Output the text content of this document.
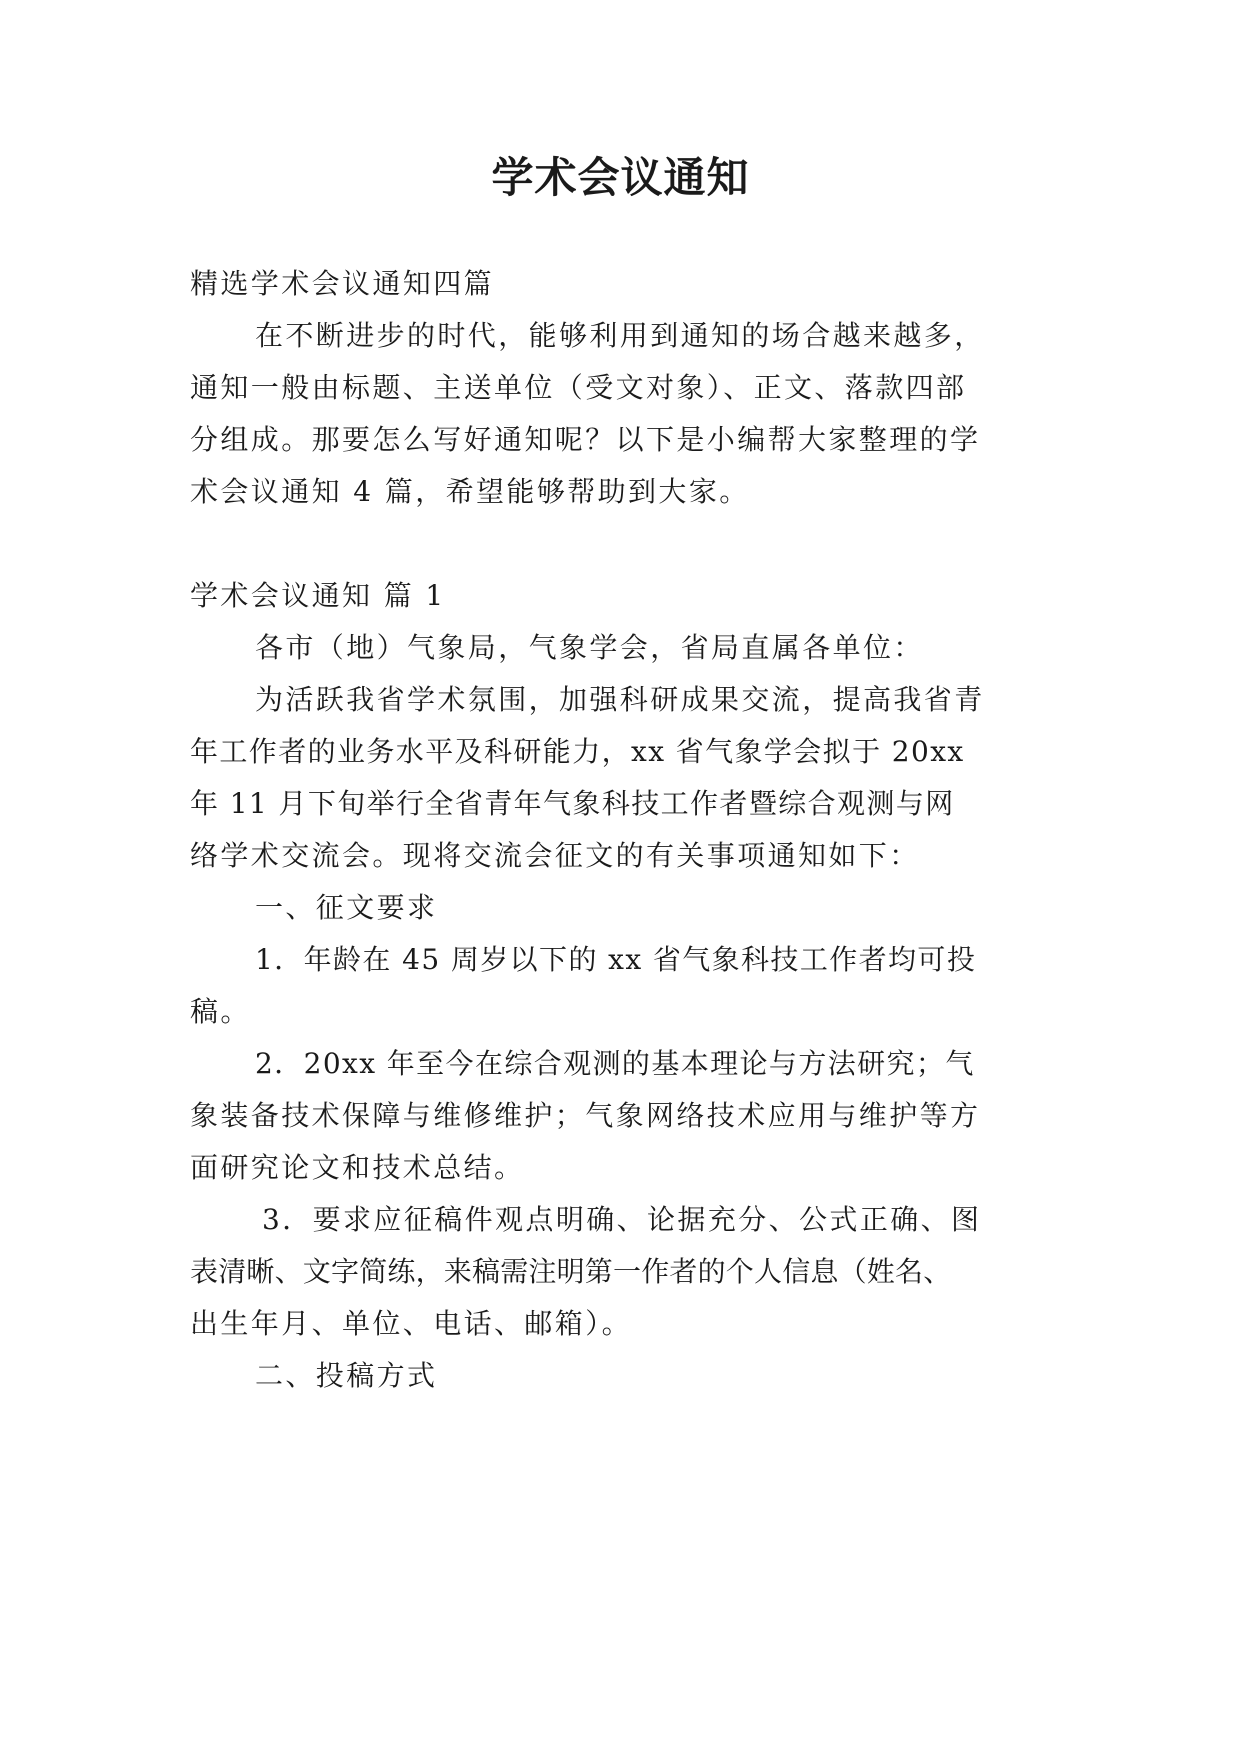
学术会议通知

精选学术会议通知四篇

在不断进步的时代，能够利用到通知的场合越来越多，

通知一般由标题、主送单位（受文对象）、正文、落款四部

分组成。那要怎么写好通知呢？以下是小编帮大家整理的学

术会议通知 4 篇，希望能够帮助到大家。

学术会议通知 篇 1

各市（地）气象局，气象学会，省局直属各单位：

为活跃我省学术氛围，加强科研成果交流，提高我省青

年工作者的业务水平及科研能力，xx 省气象学会拟于 20xx

年 11 月下旬举行全省青年气象科技工作者暨综合观测与网

络学术交流会。现将交流会征文的有关事项通知如下：

一、征文要求

1．年龄在 45 周岁以下的 xx 省气象科技工作者均可投

稿。

2．20xx 年至今在综合观测的基本理论与方法研究；气

象装备技术保障与维修维护；气象网络技术应用与维护等方

面研究论文和技术总结。

3．要求应征稿件观点明确、论据充分、公式正确、图

表清晰、文字简练，来稿需注明第一作者的个人信息（姓名、

出生年月、单位、电话、邮箱）。

二、投稿方式
